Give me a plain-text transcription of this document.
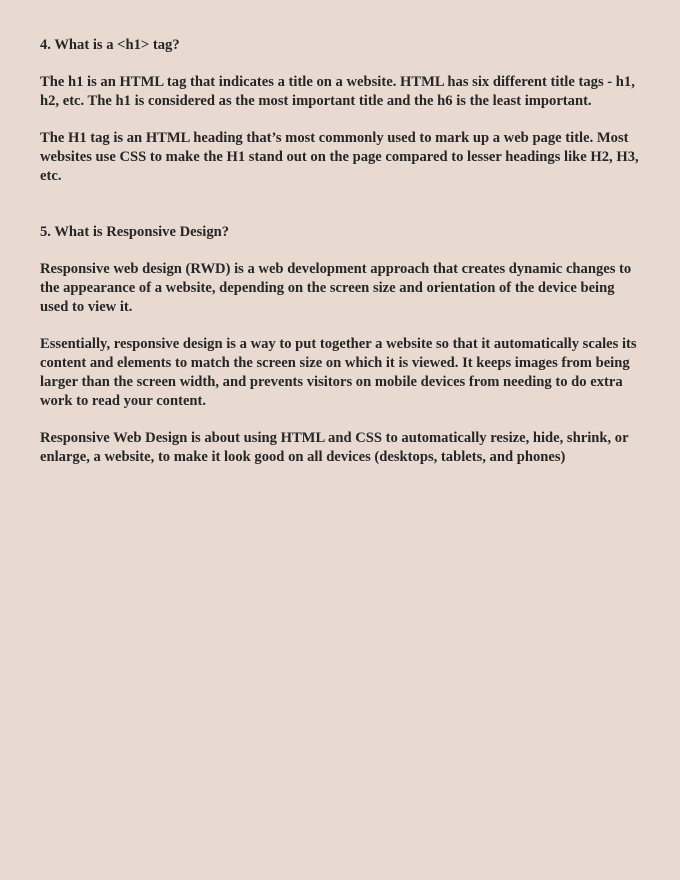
4. What is a <h1> tag?

The h1 is an HTML tag that indicates a title on a website. HTML has six different title tags - h1, h2, etc. The h1 is considered as the most important title and the h6 is the least important.

The H1 tag is an HTML heading that’s most commonly used to mark up a web page title. Most websites use CSS to make the H1 stand out on the page compared to lesser headings like H2, H3, etc.

5. What is Responsive Design?

Responsive web design (RWD) is a web development approach that creates dynamic changes to the appearance of a website, depending on the screen size and orientation of the device being used to view it.

Essentially, responsive design is a way to put together a website so that it automatically scales its content and elements to match the screen size on which it is viewed. It keeps images from being larger than the screen width, and prevents visitors on mobile devices from needing to do extra work to read your content.

Responsive Web Design is about using HTML and CSS to automatically resize, hide, shrink, or enlarge, a website, to make it look good on all devices (desktops, tablets, and phones)
